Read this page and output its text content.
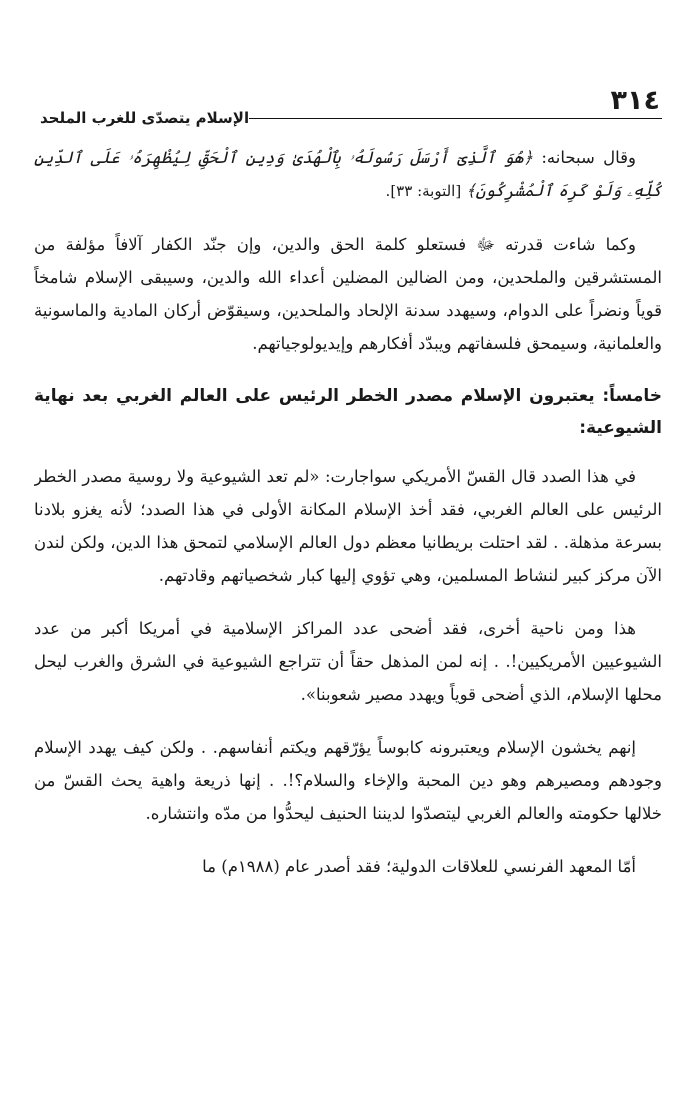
٣١٤
الإسلام يتصدّى للغرب الملحد

وقال سبحانه: ﴿هُوَ ٱلَّذِىٓ أَرْسَلَ رَسُولَهُۥ بِٱلْهُدَىٰ وَدِينِ ٱلْحَقِّ لِيُظْهِرَهُۥ عَلَى ٱلدِّينِ كُلِّهِۦ وَلَوْ كَرِهَ ٱلْمُشْرِكُونَ﴾ [التوبة: ٣٣].

وكما شاءت قدرته ﷻ فستعلو كلمة الحق والدين، وإن جنّد الكفار آلافاً مؤلفة من المستشرقين والملحدين، ومن الضالين المضلين أعداء الله والدين، وسيبقى الإسلام شامخاً قوياً ونضراً على الدوام، وسيهدد سدنة الإلحاد والملحدين، وسيقوّض أركان المادية والماسونية والعلمانية، وسيمحق فلسفاتهم ويبدّد أفكارهم وإيديولوجياتهم.

خامساً: يعتبرون الإسلام مصدر الخطر الرئيس على العالم الغربي بعد نهاية الشيوعية:

في هذا الصدد قال القسّ الأمريكي سواجارت: «لم تعد الشيوعية ولا روسية مصدر الخطر الرئيس على العالم الغربي، فقد أخذ الإسلام المكانة الأولى في هذا الصدد؛ لأنه يغزو بلادنا بسرعة مذهلة. . لقد احتلت بريطانيا معظم دول العالم الإسلامي لتمحق هذا الدين، ولكن لندن الآن مركز كبير لنشاط المسلمين، وهي تؤوي إليها كبار شخصياتهم وقادتهم.

هذا ومن ناحية أخرى، فقد أضحى عدد المراكز الإسلامية في أمريكا أكبر من عدد الشيوعيين الأمريكيين!. . إنه لمن المذهل حقاً أن تتراجع الشيوعية في الشرق والغرب ليحل محلها الإسلام، الذي أضحى قوياً ويهدد مصير شعوبنا».

إنهم يخشون الإسلام ويعتبرونه كابوساً يؤرّقهم ويكتم أنفاسهم. . ولكن كيف يهدد الإسلام وجودهم ومصيرهم وهو دين المحبة والإخاء والسلام؟!. . إنها ذريعة واهية يحث القسّ من خلالها حكومته والعالم الغربي ليتصدّوا لديننا الحنيف ليحدُّوا من مدّه وانتشاره.

أمّا المعهد الفرنسي للعلاقات الدولية؛ فقد أصدر عام (١٩٨٨م) ما
